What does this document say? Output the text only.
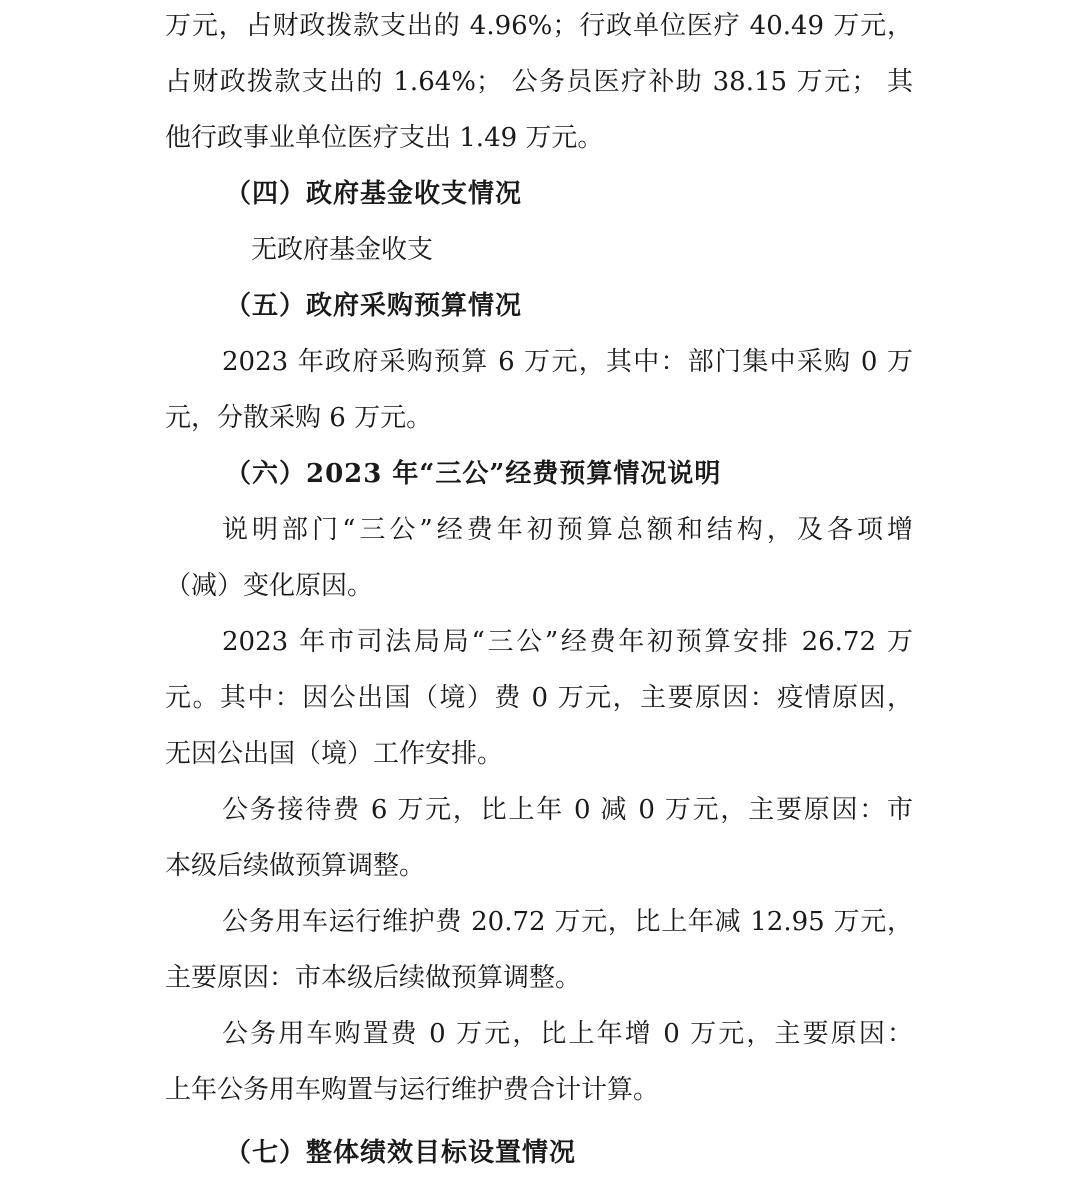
万元，占财政拨款支出的 4.96%；行政单位医疗 40.49 万元，
占财政拨款支出的 1.64%； 公务员医疗补助 38.15 万元； 其
他行政事业单位医疗支出 1.49 万元。
（四）政府基金收支情况
无政府基金收支
（五）政府采购预算情况
2023 年政府采购预算 6 万元，其中：部门集中采购 0 万
元，分散采购 6 万元。
（六）2023 年“三公”经费预算情况说明
说明部门“三公”经费年初预算总额和结构，及各项增
（减）变化原因。
2023 年市司法局局“三公”经费年初预算安排 26.72 万
元。其中：因公出国（境）费 0 万元，主要原因：疫情原因，
无因公出国（境）工作安排。
公务接待费 6 万元，比上年 0 减 0 万元，主要原因：市
本级后续做预算调整。
公务用车运行维护费 20.72 万元，比上年减 12.95 万元，
主要原因：市本级后续做预算调整。
公务用车购置费 0 万元，比上年增 0 万元，主要原因：
上年公务用车购置与运行维护费合计计算。
（七）整体绩效目标设置情况
